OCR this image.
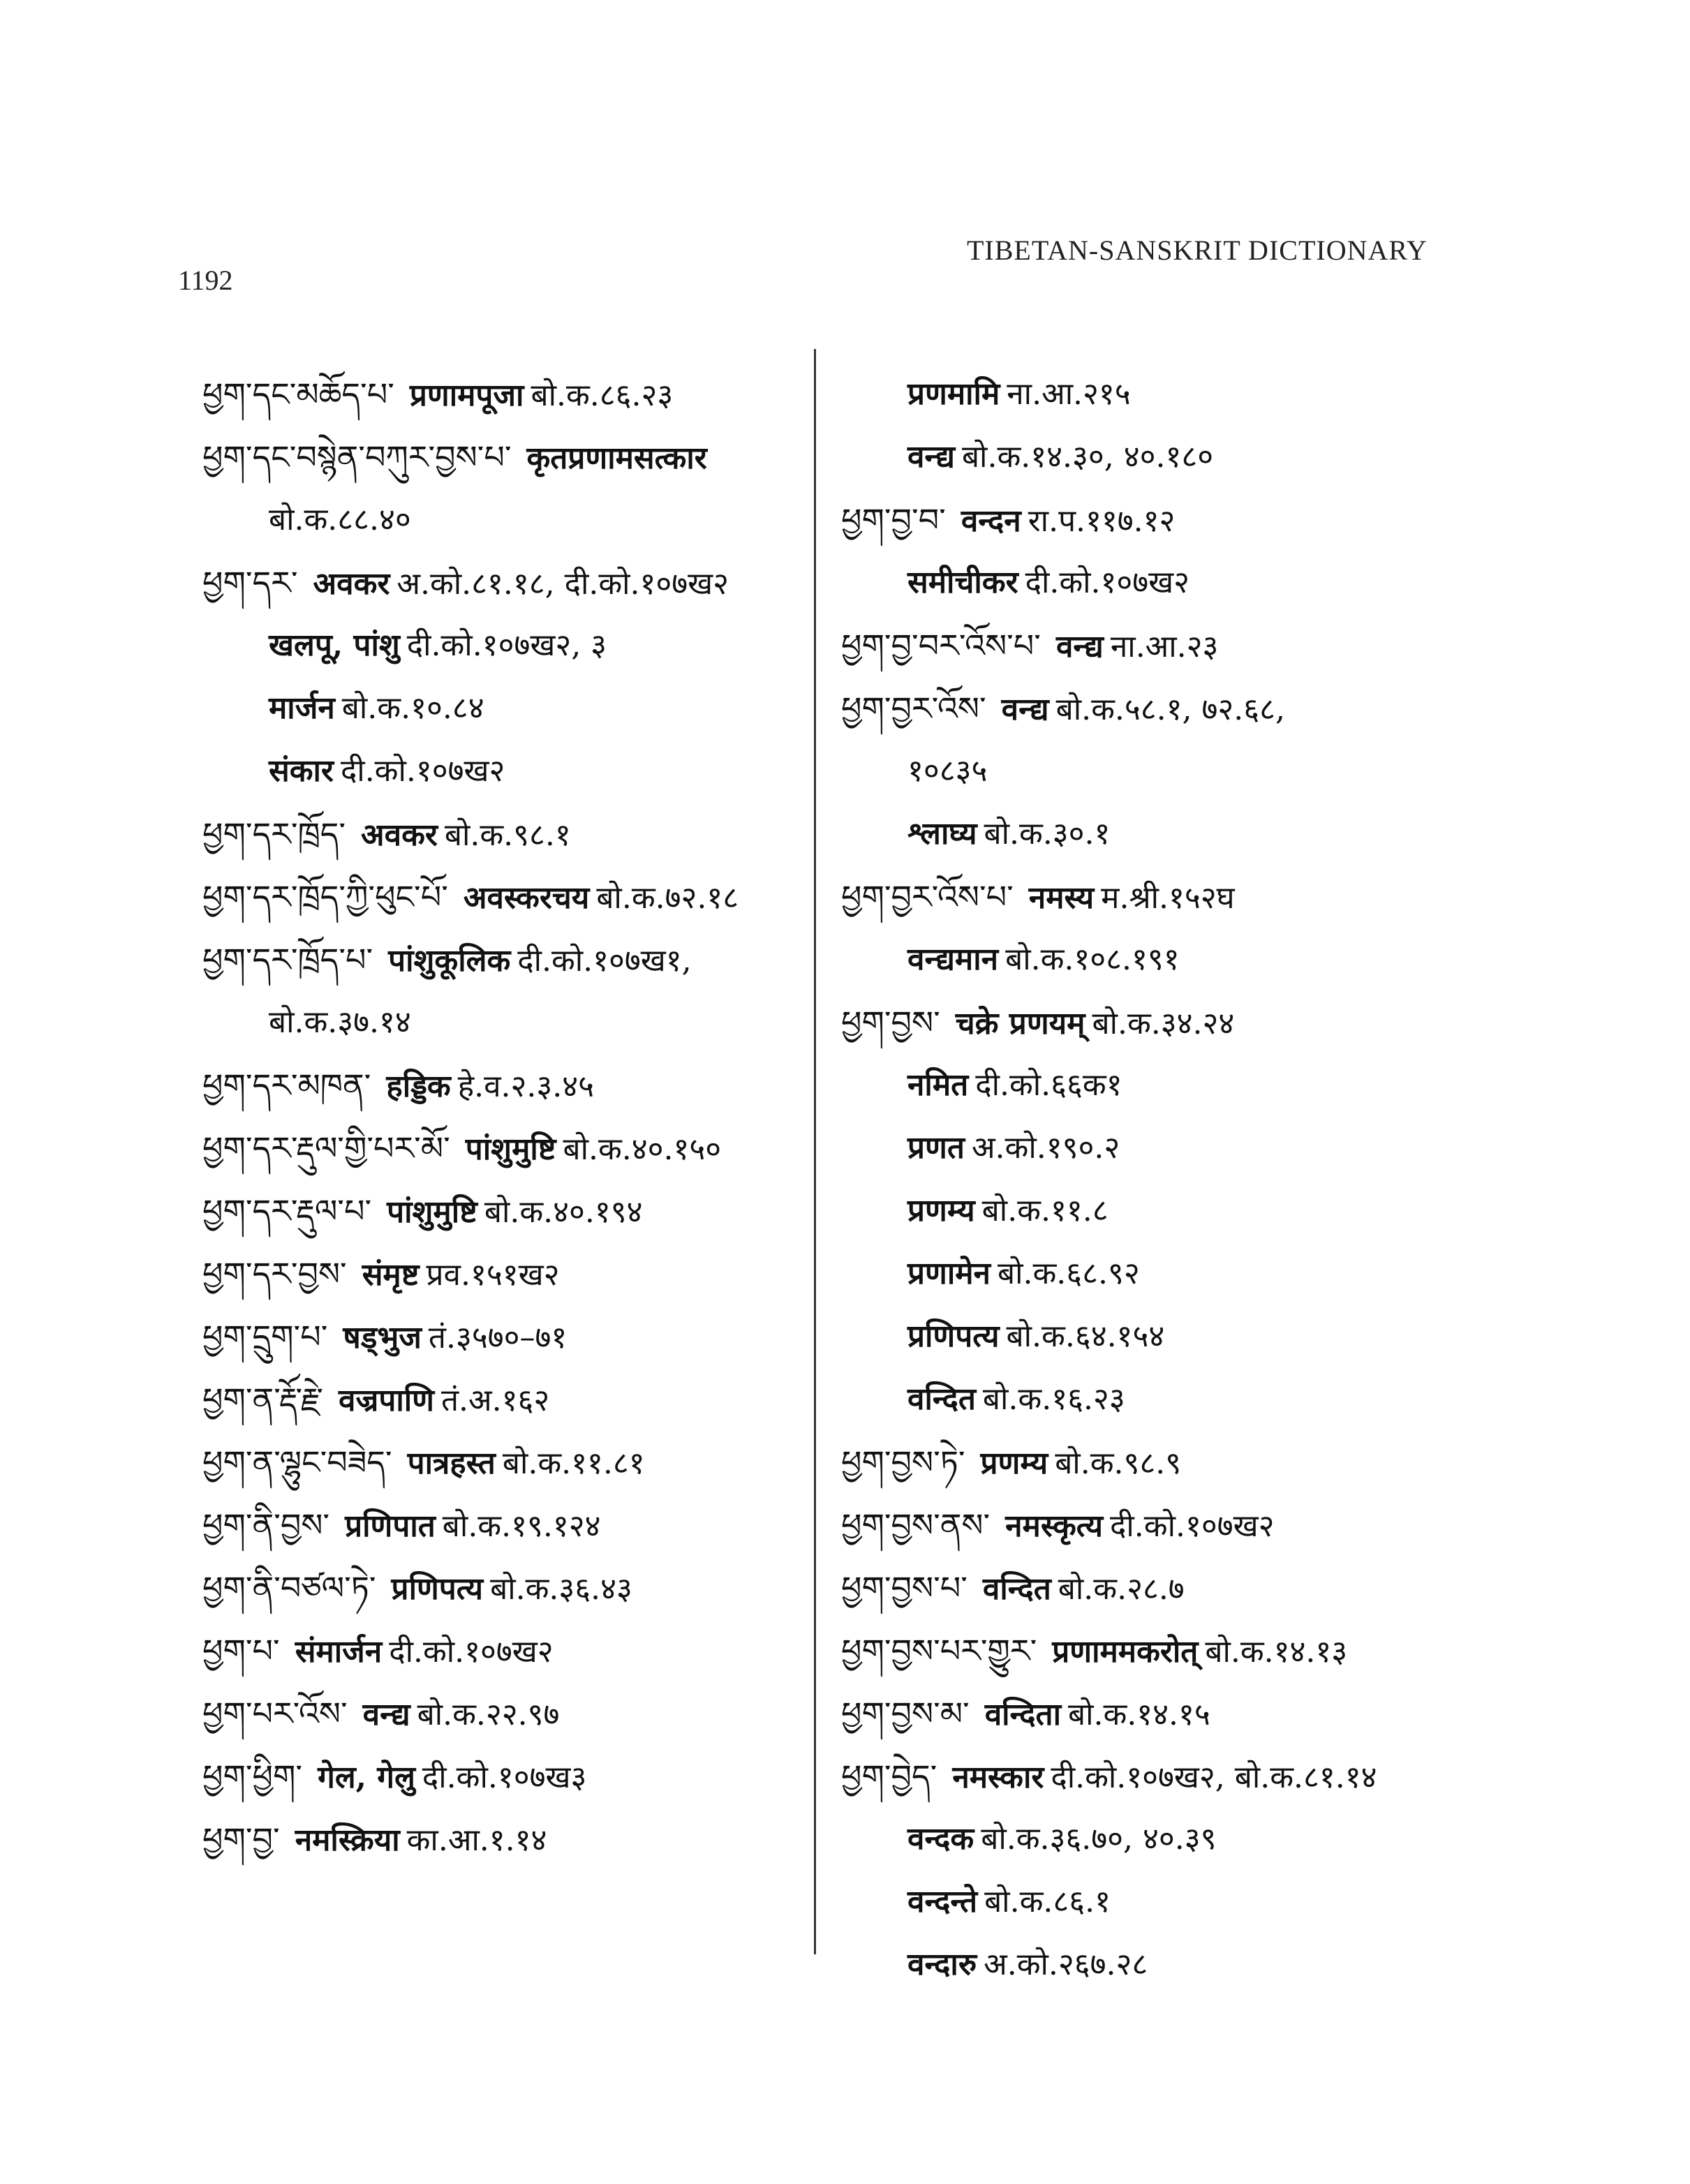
1192
TIBETAN-SANSKRIT DICTIONARY
ཕྱག་དང་མཆོད་པ་ प्रणामपूजा बो.क.८६.२३
ཕྱག་དང་བསྙེན་བཀུར་བྱས་པ་ कृतप्रणामसत्कार
बो.क.८८.४०
ཕྱག་དར་ अवकर अ.को.८१.१८, दी.को.१०७ख२
खलपू, पांशु दी.को.१०७ख२, ३
मार्जन बो.क.१०.८४
संकार दी.को.१०७ख२
ཕྱག་དར་ཁྲོད་ अवकर बो.क.९८.१
ཕྱག་དར་ཁྲོད་ཀྱི་ཕུང་པོ་ अवस्करचय बो.क.७२.१८
ཕྱག་དར་ཁྲོད་པ་ पांशुकूलिक दी.को.१०७ख१,
बो.क.३७.१४
ཕྱག་དར་མཁན་ हड्डिक हे.व.२.३.४५
ཕྱག་དར་རྡུལ་གྱི་པར་མོ་ पांशुमुष्टि बो.क.४०.१५०
ཕྱག་དར་རྡུལ་པ་ पांशुमुष्टि बो.क.४०.१९४
ཕྱག་དར་བྱས་ संमृष्ट प्रव.१५१ख२
ཕྱག་དྲུག་པ་ षड्भुज तं.३५७०–७१
ཕྱག་ན་རྡོ་རྗེ་ वज्रपाणि तं.अ.१६२
ཕྱག་ན་ལྷུང་བཟེད་ पात्रहस्त बो.क.११.८१
ཕྱག་ནི་བྱས་ प्रणिपात बो.क.१९.१२४
ཕྱག་ནི་བཙལ་ཏེ་ प्रणिपत्य बो.क.३६.४३
ཕྱག་པ་ संमार्जन दी.को.१०७ख२
ཕྱག་པར་འོས་ वन्द्य बो.क.२२.९७
ཕྱག་ཕྱིག་ गेल, गेलु दी.को.१०७ख३
ཕྱག་བྱ་ नमस्क्रिया का.आ.१.१४
प्रणमामि ना.आ.२१५
वन्द्य बो.क.१४.३०, ४०.१८०
ཕྱག་བྱ་བ་ वन्दन रा.प.११७.१२
समीचीकर दी.को.१०७ख२
ཕྱག་བྱ་བར་འོས་པ་ वन्द्य ना.आ.२३
ཕྱག་བྱར་འོས་ वन्द्य बो.क.५८.१, ७२.६८,
१०८३५
श्लाघ्य बो.क.३०.१
ཕྱག་བྱར་འོས་པ་ नमस्य म.श्री.१५२घ
वन्द्यमान बो.क.१०८.१९१
ཕྱག་བྱས་ चक्रे प्रणयम् बो.क.३४.२४
नमित दी.को.६६क१
प्रणत अ.को.१९०.२
प्रणम्य बो.क.११.८
प्रणामेन बो.क.६८.९२
प्रणिपत्य बो.क.६४.१५४
वन्दित बो.क.१६.२३
ཕྱག་བྱས་ཏེ་ प्रणम्य बो.क.९८.९
ཕྱག་བྱས་ནས་ नमस्कृत्य दी.को.१०७ख२
ཕྱག་བྱས་པ་ वन्दित बो.क.२८.७
ཕྱག་བྱས་པར་གྱུར་ प्रणाममकरोत् बो.क.१४.१३
ཕྱག་བྱས་མ་ वन्दिता बो.क.१४.१५
ཕྱག་བྱེད་ नमस्कार दी.को.१०७ख२, बो.क.८१.१४
वन्दक बो.क.३६.७०, ४०.३९
वन्दन्ते बो.क.८६.१
वन्दारु अ.को.२६७.२८
